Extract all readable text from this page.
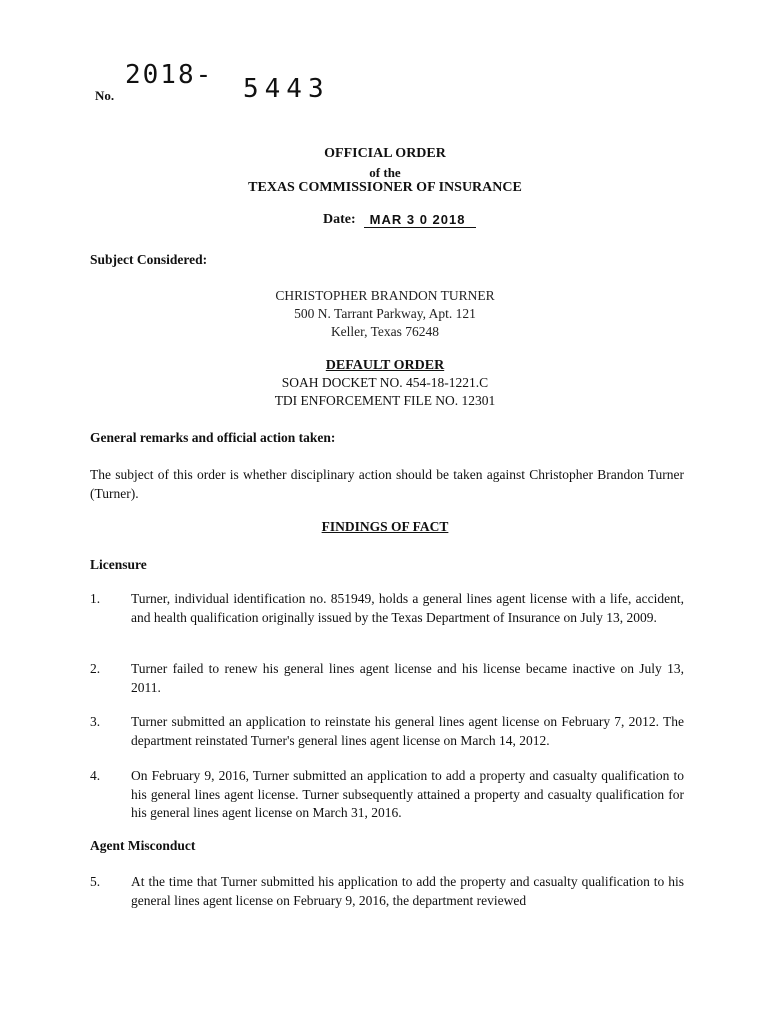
No.
2018- 5443
OFFICIAL ORDER
of the
TEXAS COMMISSIONER OF INSURANCE
Date:	MAR 3 0 2018
Subject Considered:
CHRISTOPHER BRANDON TURNER
500 N. Tarrant Parkway, Apt. 121
Keller, Texas 76248
DEFAULT ORDER
SOAH DOCKET NO. 454-18-1221.C
TDI ENFORCEMENT FILE NO. 12301
General remarks and official action taken:
The subject of this order is whether disciplinary action should be taken against Christopher Brandon Turner (Turner).
FINDINGS OF FACT
Licensure
1. Turner, individual identification no. 851949, holds a general lines agent license with a life, accident, and health qualification originally issued by the Texas Department of Insurance on July 13, 2009.
2. Turner failed to renew his general lines agent license and his license became inactive on July 13, 2011.
3. Turner submitted an application to reinstate his general lines agent license on February 7, 2012. The department reinstated Turner's general lines agent license on March 14, 2012.
4. On February 9, 2016, Turner submitted an application to add a property and casualty qualification to his general lines agent license. Turner subsequently attained a property and casualty qualification for his general lines agent license on March 31, 2016.
Agent Misconduct
5. At the time that Turner submitted his application to add the property and casualty qualification to his general lines agent license on February 9, 2016, the department reviewed
